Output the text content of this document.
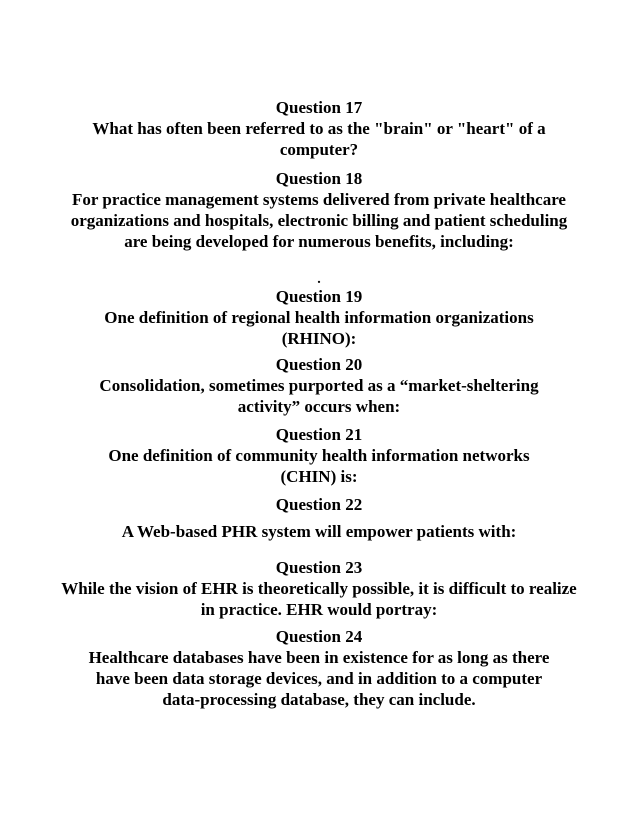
Question 17
What has often been referred to as the "brain" or "heart" of a computer?
Question 18
For practice management systems delivered from private healthcare organizations and hospitals, electronic billing and patient scheduling are being developed for numerous benefits, including:
.
Question 19
One definition of regional health information organizations (RHINO):
Question 20
Consolidation, sometimes purported as a “market-sheltering activity” occurs when:
Question 21
One definition of community health information networks (CHIN) is:
Question 22
A Web-based PHR system will empower patients with:
Question 23
While the vision of EHR is theoretically possible, it is difficult to realize in practice. EHR would portray:
Question 24
Healthcare databases have been in existence for as long as there have been data storage devices, and in addition to a computer data-processing database, they can include.
